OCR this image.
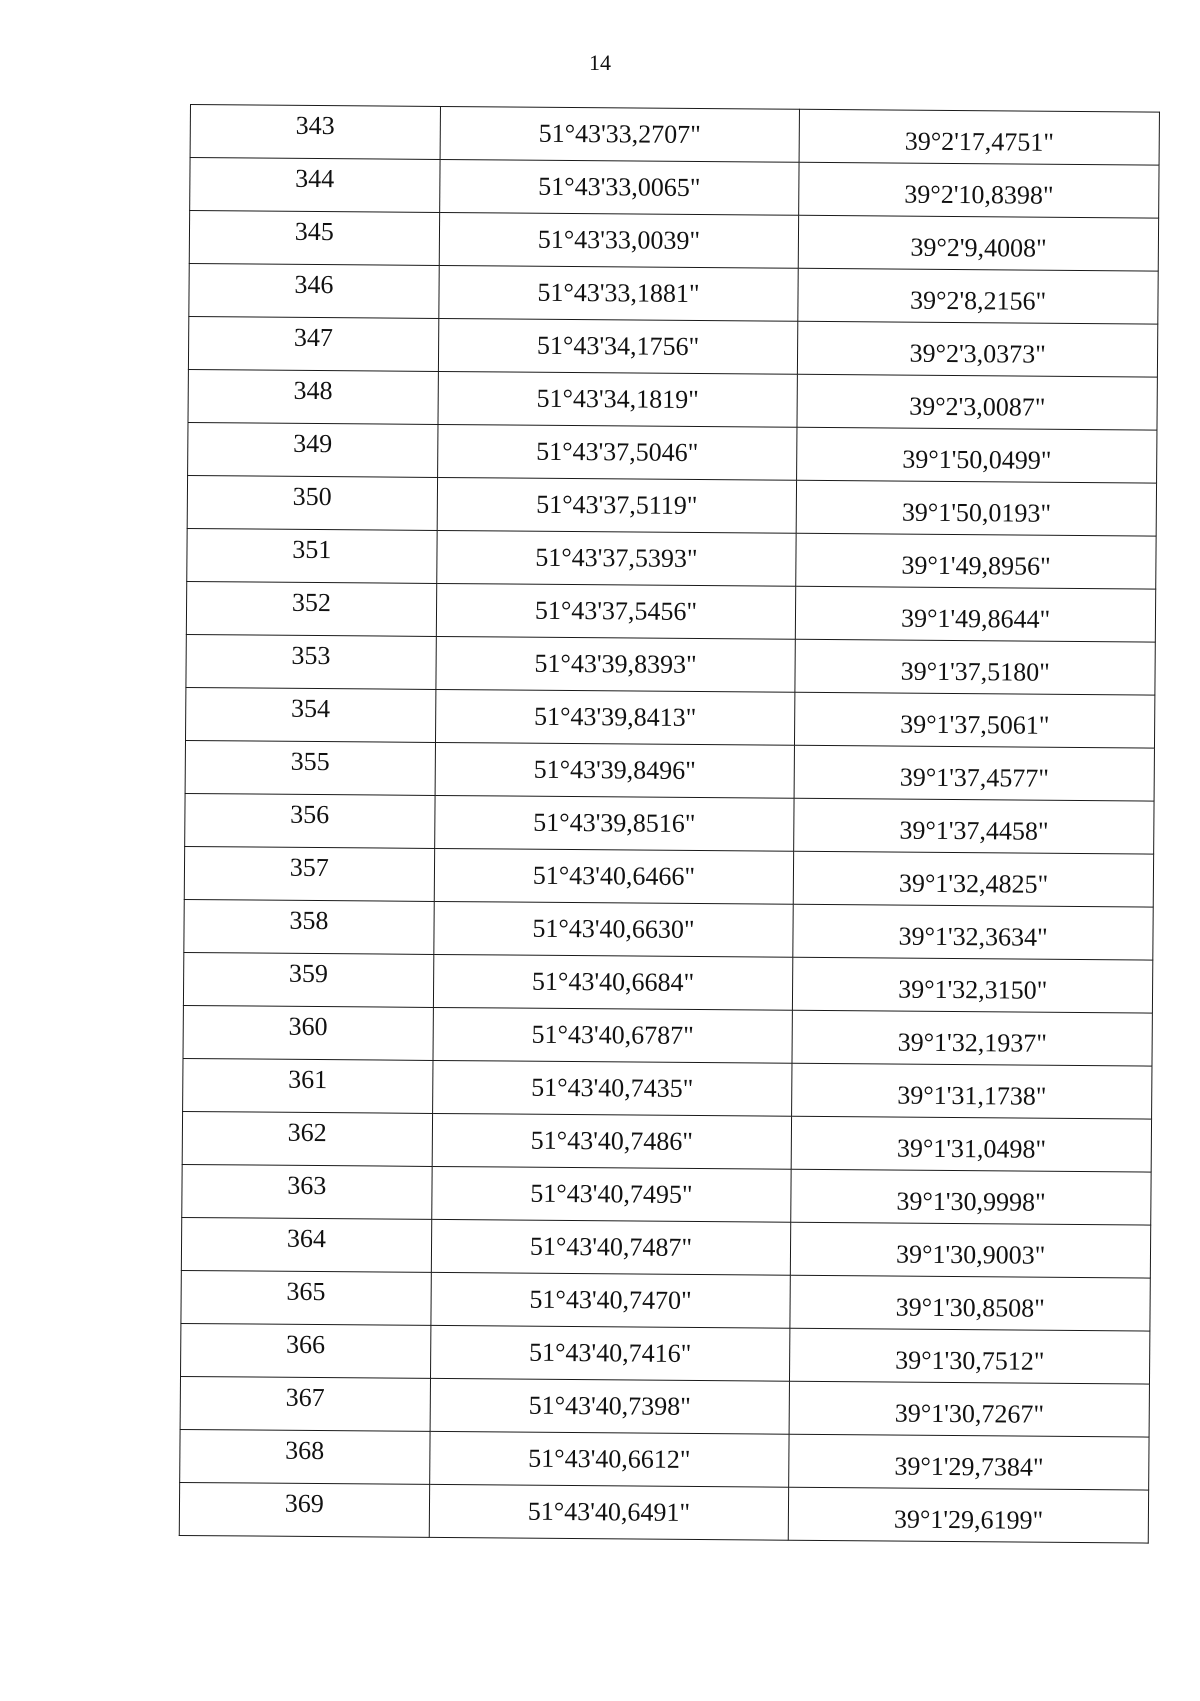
14
343	51°43'33,2707"	39°2'17,4751"
344	51°43'33,0065"	39°2'10,8398"
345	51°43'33,0039"	39°2'9,4008"
346	51°43'33,1881"	39°2'8,2156"
347	51°43'34,1756"	39°2'3,0373"
348	51°43'34,1819"	39°2'3,0087"
349	51°43'37,5046"	39°1'50,0499"
350	51°43'37,5119"	39°1'50,0193"
351	51°43'37,5393"	39°1'49,8956"
352	51°43'37,5456"	39°1'49,8644"
353	51°43'39,8393"	39°1'37,5180"
354	51°43'39,8413"	39°1'37,5061"
355	51°43'39,8496"	39°1'37,4577"
356	51°43'39,8516"	39°1'37,4458"
357	51°43'40,6466"	39°1'32,4825"
358	51°43'40,6630"	39°1'32,3634"
359	51°43'40,6684"	39°1'32,3150"
360	51°43'40,6787"	39°1'32,1937"
361	51°43'40,7435"	39°1'31,1738"
362	51°43'40,7486"	39°1'31,0498"
363	51°43'40,7495"	39°1'30,9998"
364	51°43'40,7487"	39°1'30,9003"
365	51°43'40,7470"	39°1'30,8508"
366	51°43'40,7416"	39°1'30,7512"
367	51°43'40,7398"	39°1'30,7267"
368	51°43'40,6612"	39°1'29,7384"
369	51°43'40,6491"	39°1'29,6199"
